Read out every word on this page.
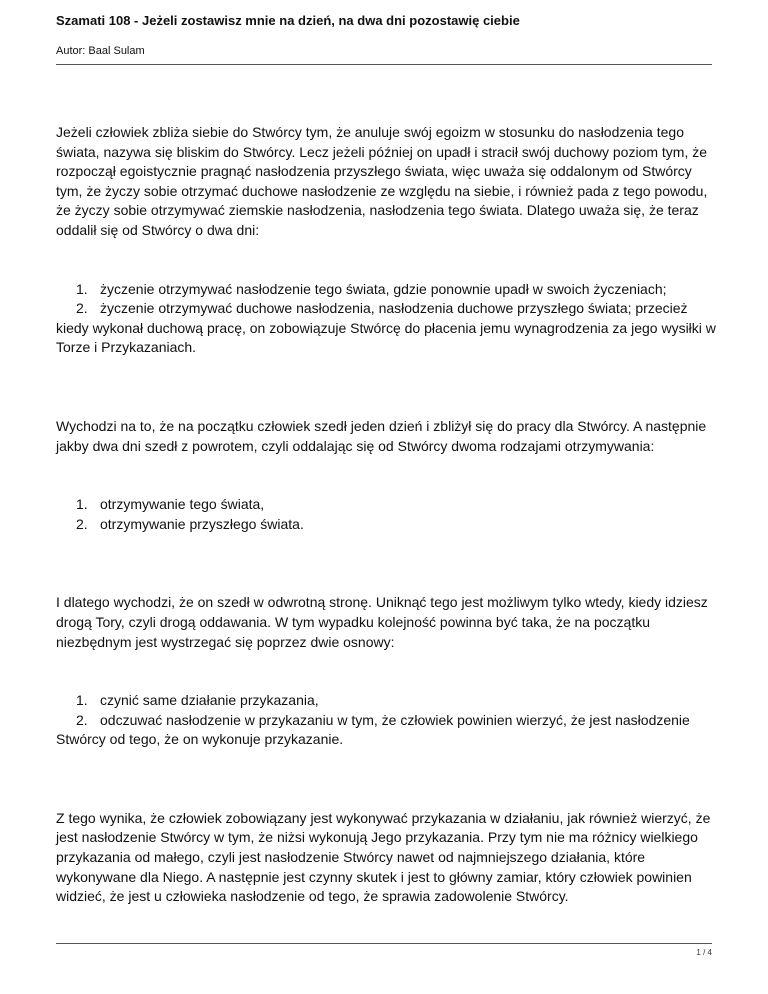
Szamati 108 - Jeżeli zostawisz mnie na dzień, na dwa dni pozostawię ciebie
Autor: Baal Sulam

Jeżeli człowiek zbliża siebie do Stwórcy tym, że anuluje swój egoizm w stosunku do nasłodzenia tego świata, nazywa się bliskim do Stwórcy. Lecz jeżeli później on upadł i stracił swój duchowy poziom tym, że rozpoczął egoistycznie pragnąć nasłodzenia przyszłego świata, więc uważa się oddalonym od Stwórcy tym, że życzy sobie otrzymać duchowe nasłodzenie ze względu na siebie, i również pada z tego powodu, że życzy sobie otrzymywać ziemskie nasłodzenia, nasłodzenia tego świata. Dlatego uważa się, że teraz oddalił się od Stwórcy o dwa dni:

1. życzenie otrzymywać nasłodzenie tego świata, gdzie ponownie upadł w swoich życzeniach;
2. życzenie otrzymywać duchowe nasłodzenia, nasłodzenia duchowe przyszłego świata; przecież kiedy wykonał duchową pracę, on zobowiązuje Stwórcę do płacenia jemu wynagrodzenia za jego wysiłki w Torze i Przykazaniach.

Wychodzi na to, że na początku człowiek szedł jeden dzień i zbliżył się do pracy dla Stwórcy. A następnie jakby dwa dni szedł z powrotem, czyli oddalając się od Stwórcy dwoma rodzajami otrzymywania:

1. otrzymywanie tego świata,
2. otrzymywanie przyszłego świata.

I dlatego wychodzi, że on szedł w odwrotną stronę. Uniknąć tego jest możliwym tylko wtedy, kiedy idziesz drogą Tory, czyli drogą oddawania. W tym wypadku kolejność powinna być taka, że na początku niezbędnym jest wystrzegać się poprzez dwie osnowy:

1. czynić same działanie przykazania,
2. odczuwać nasłodzenie w przykazaniu w tym, że człowiek powinien wierzyć, że jest nasłodzenie Stwórcy od tego, że on wykonuje przykazanie.

Z tego wynika, że człowiek zobowiązany jest wykonywać przykazania w działaniu, jak również wierzyć, że jest nasłodzenie Stwórcy w tym, że niżsi wykonują Jego przykazania. Przy tym nie ma różnicy wielkiego przykazania od małego, czyli jest nasłodzenie Stwórcy nawet od najmniejszego działania, które wykonywane dla Niego. A następnie jest czynny skutek i jest to główny zamiar, który człowiek powinien widzieć, że jest u człowieka nasłodzenie od tego, że sprawia zadowolenie Stwórcy.

1 / 4
